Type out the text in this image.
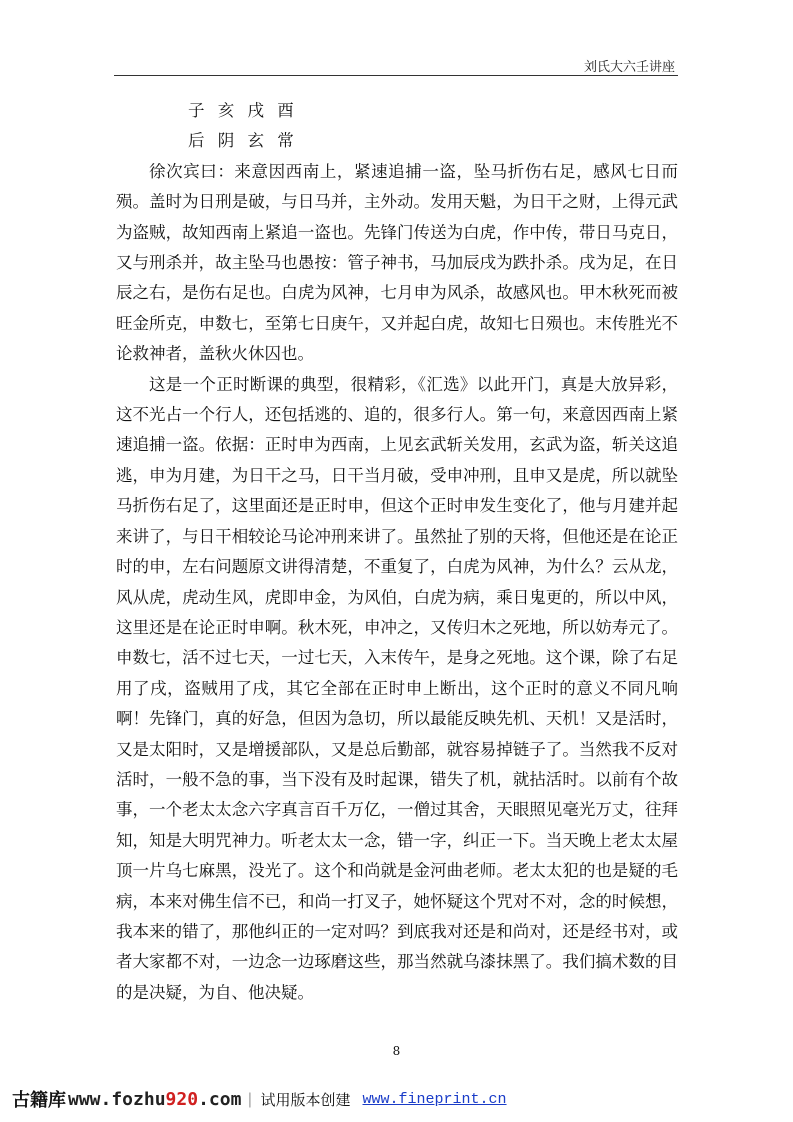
刘氏大六壬讲座
子 亥 戌 酉
后 阴 玄 常

徐次宾曰：来意因西南上，紧速追捕一盗，坠马折伤右足，感风七日而殒。盖时为日刑是破，与日马并，主外动。发用天魁，为日干之财，上得元武为盗贼，故知西南上紧追一盗也。先锋门传送为白虎，作中传，带日马克日，又与刑杀并，故主坠马也愚按：管子神书，马加辰戌为跌扑杀。戌为足，在日辰之右，是伤右足也。白虎为风神，七月申为风杀，故感风也。甲木秋死而被旺金所克，申数七，至第七日庚午，又并起白虎，故知七日殒也。末传胜光不论救神者，盖秋火休囚也。

这是一个正时断课的典型，很精彩，《汇选》以此开门，真是大放异彩，这不光占一个行人，还包括逃的、追的，很多行人。第一句，来意因西南上紧速追捕一盗。依据：正时申为西南，上见玄武斩关发用，玄武为盗，斩关这追逃，申为月建，为日干之马，日干当月破，受申冲刑，且申又是虎，所以就坠马折伤右足了，这里面还是正时申，但这个正时申发生变化了，他与月建并起来讲了，与日干相较论马论冲刑来讲了。虽然扯了别的天将，但他还是在论正时的申，左右问题原文讲得清楚，不重复了，白虎为风神，为什么？云从龙，风从虎，虎动生风，虎即申金，为风伯，白虎为病，乘日鬼更的，所以中风，这里还是在论正时申啊。秋木死，申冲之，又传归木之死地，所以妨寿元了。申数七，活不过七天，一过七天，入末传午，是身之死地。这个课，除了右足用了戌，盗贼用了戌，其它全部在正时申上断出，这个正时的意义不同凡响啊！先锋门，真的好急，但因为急切，所以最能反映先机、天机！又是活时，又是太阳时，又是增援部队，又是总后勤部，就容易掉链子了。当然我不反对活时，一般不急的事，当下没有及时起课，错失了机，就拈活时。以前有个故事，一个老太太念六字真言百千万亿，一僧过其舍，天眼照见毫光万丈，往拜知，知是大明咒神力。听老太太一念，错一字，纠正一下。当天晚上老太太屋顶一片乌七麻黑，没光了。这个和尚就是金河曲老师。老太太犯的也是疑的毛病，本来对佛生信不已，和尚一打叉子，她怀疑这个咒对不对，念的时候想，我本来的错了，那他纠正的一定对吗？到底我对还是和尚对，还是经书对，或者大家都不对，一边念一边琢磨这些，那当然就乌漆抹黑了。我们搞术数的目的是决疑，为自、他决疑。

8
古籍库 www.fozhu920.com | 试用版本创建 www.fineprint.cn
